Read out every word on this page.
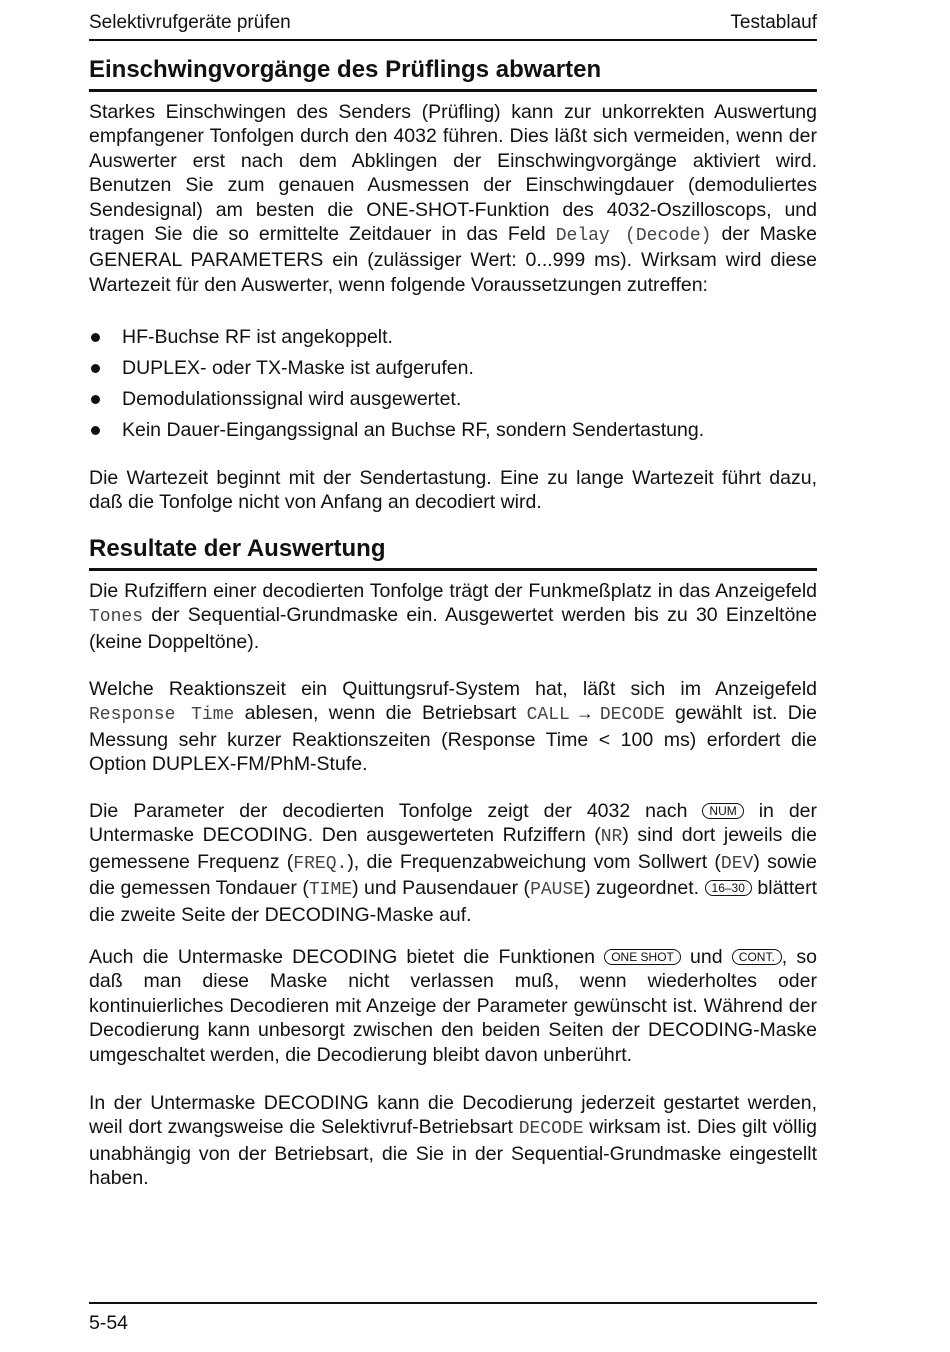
Selektivrufgeräte prüfen	Testablauf
Einschwingvorgänge des Prüflings abwarten

Starkes Einschwingen des Senders (Prüfling) kann zur unkorrekten Auswertung empfangener Tonfolgen durch den 4032 führen. Dies läßt sich vermeiden, wenn der Auswerter erst nach dem Abklingen der Einschwingvorgänge aktiviert wird. Benutzen Sie zum genauen Ausmessen der Einschwingdauer (demoduliertes Sendesignal) am besten die ONE-SHOT-Funktion des 4032-Oszilloscops, und tragen Sie die so ermittelte Zeitdauer in das Feld Delay (Decode) der Maske GENERAL PARAMETERS ein (zulässiger Wert: 0...999 ms). Wirksam wird diese Wartezeit für den Auswerter, wenn folgende Voraussetzungen zutreffen:

HF-Buchse RF ist angekoppelt.
DUPLEX- oder TX-Maske ist aufgerufen.
Demodulationssignal wird ausgewertet.
Kein Dauer-Eingangssignal an Buchse RF, sondern Sendertastung.

Die Wartezeit beginnt mit der Sendertastung. Eine zu lange Wartezeit führt dazu, daß die Tonfolge nicht von Anfang an decodiert wird.

Resultate der Auswertung

Die Rufziffern einer decodierten Tonfolge trägt der Funkmeßplatz in das Anzeigefeld Tones der Sequential-Grundmaske ein. Ausgewertet werden bis zu 30 Einzeltöne (keine Doppeltöne).

Welche Reaktionszeit ein Quittungsruf-System hat, läßt sich im Anzeigefeld Response Time ablesen, wenn die Betriebsart CALL → DECODE gewählt ist. Die Messung sehr kurzer Reaktionszeiten (Response Time < 100 ms) erfordert die Option DUPLEX-FM/PhM-Stufe.

Die Parameter der decodierten Tonfolge zeigt der 4032 nach NUM in der Untermaske DECODING. Den ausgewerteten Rufziffern (NR) sind dort jeweils die gemessene Frequenz (FREQ.), die Frequenzabweichung vom Sollwert (DEV) sowie die gemessen Tondauer (TIME) und Pausendauer (PAUSE) zugeordnet. 16–30 blättert die zweite Seite der DECODING-Maske auf.

Auch die Untermaske DECODING bietet die Funktionen ONE SHOT und CONT. , so daß man diese Maske nicht verlassen muß, wenn wiederholtes oder kontinuierliches Decodieren mit Anzeige der Parameter gewünscht ist. Während der Decodierung kann unbesorgt zwischen den beiden Seiten der DECODING-Maske umgeschaltet werden, die Decodierung bleibt davon unberührt.

In der Untermaske DECODING kann die Decodierung jederzeit gestartet werden, weil dort zwangsweise die Selektivruf-Betriebsart DECODE wirksam ist. Dies gilt völlig unabhängig von der Betriebsart, die Sie in der Sequential-Grundmaske eingestellt haben.

5-54
